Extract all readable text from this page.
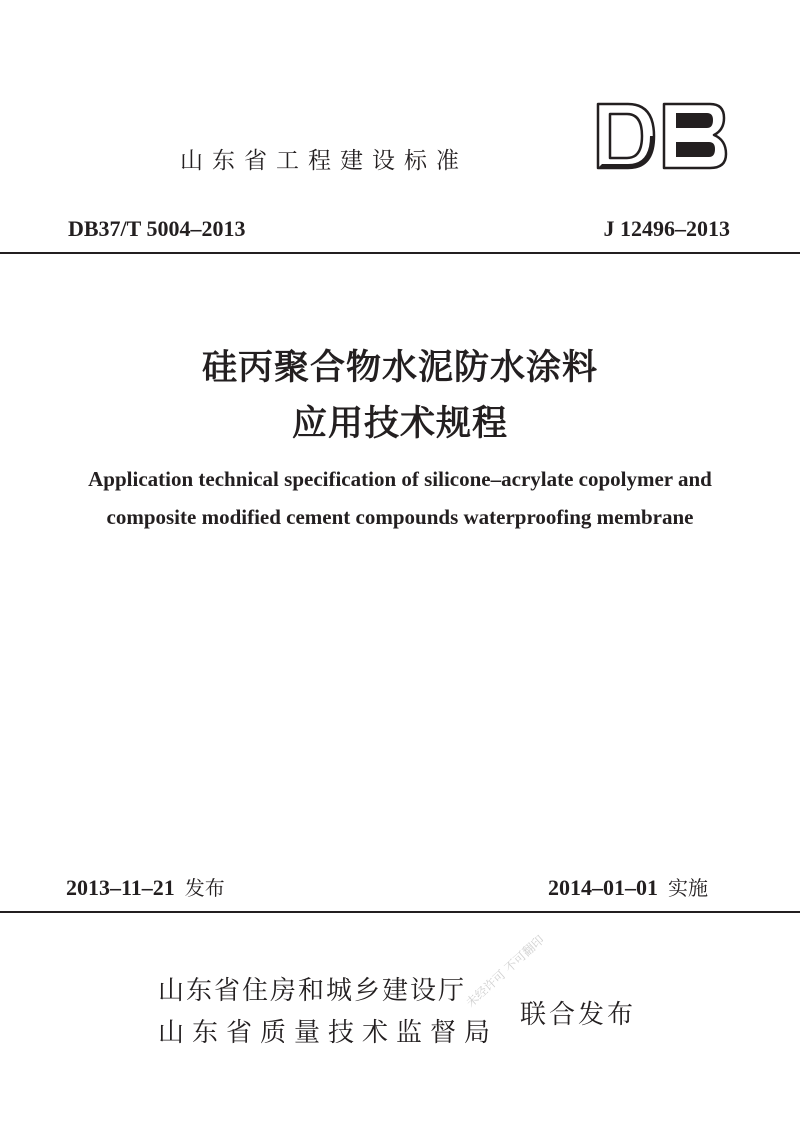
山东省工程建设标准
DB37/T 5004–2013	J 12496–2013
硅丙聚合物水泥防水涂料
应用技术规程
Application technical specification of silicone–acrylate copolymer and composite modified cement compounds waterproofing membrane
2013–11–21 发布	2014–01–01 实施
山东省住房和城乡建设厅
山东省质量技术监督局
联合发布
未经许可 不可翻印
